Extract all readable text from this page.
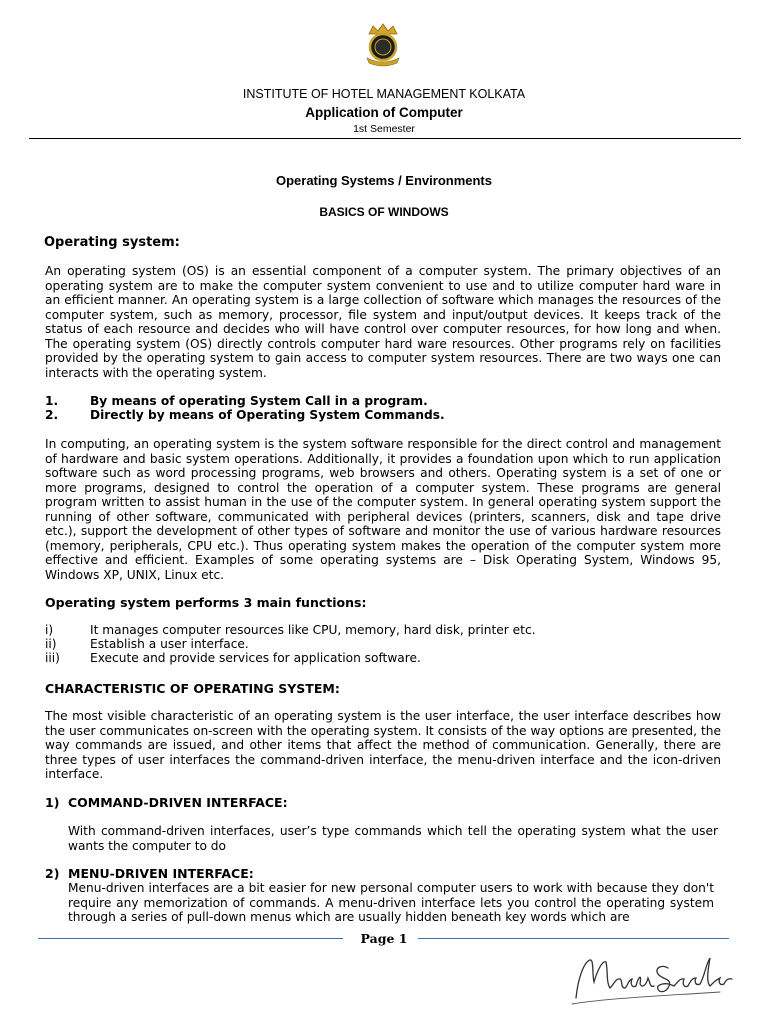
INSTITUTE OF HOTEL MANAGEMENT KOLKATA
Application of Computer
1st Semester
Operating Systems / Environments
BASICS OF WINDOWS
Operating system:
An operating system (OS) is an essential component of a computer system. The primary objectives of an operating system are to make the computer system convenient to use and to utilize computer hard ware in an efficient manner. An operating system is a large collection of software which manages the resources of the computer system, such as memory, processor, file system and input/output devices. It keeps track of the status of each resource and decides who will have control over computer resources, for how long and when. The operating system (OS) directly controls computer hard ware resources. Other programs rely on facilities provided by the operating system to gain access to computer system resources. There are two ways one can interacts with the operating system.
1.	By means of operating System Call in a program.
2.	Directly by means of Operating System Commands.
In computing, an operating system is the system software responsible for the direct control and management of hardware and basic system operations. Additionally, it provides a foundation upon which to run application software such as word processing programs, web browsers and others. Operating system is a set of one or more programs, designed to control the operation of a computer system. These programs are general program written to assist human in the use of the computer system. In general operating system support the running of other software, communicated with peripheral devices (printers, scanners, disk and tape drive etc.), support the development of other types of software and monitor the use of various hardware resources (memory, peripherals, CPU etc.). Thus operating system makes the operation of the computer system more effective and efficient. Examples of some operating systems are – Disk Operating System, Windows 95, Windows XP, UNIX, Linux etc.
Operating system performs 3 main functions:
i)	It manages computer resources like CPU, memory, hard disk, printer etc.
ii)	Establish a user interface.
iii) Execute and provide services for application software.
CHARACTERISTIC OF OPERATING SYSTEM:
The most visible characteristic of an operating system is the user interface, the user interface describes how the user communicates on-screen with the operating system. It consists of the way options are presented, the way commands are issued, and other items that affect the method of communication. Generally, there are three types of user interfaces the command-driven interface, the menu-driven interface and the icon-driven interface.
1) COMMAND-DRIVEN INTERFACE:
With command-driven interfaces, user’s type commands which tell the operating system what the user wants the computer to do
2) MENU-DRIVEN INTERFACE:
Menu-driven interfaces are a bit easier for new personal computer users to work with because they don't require any memorization of commands. A menu-driven interface lets you control the operating system through a series of pull-down menus which are usually hidden beneath key words which are
Page 1
